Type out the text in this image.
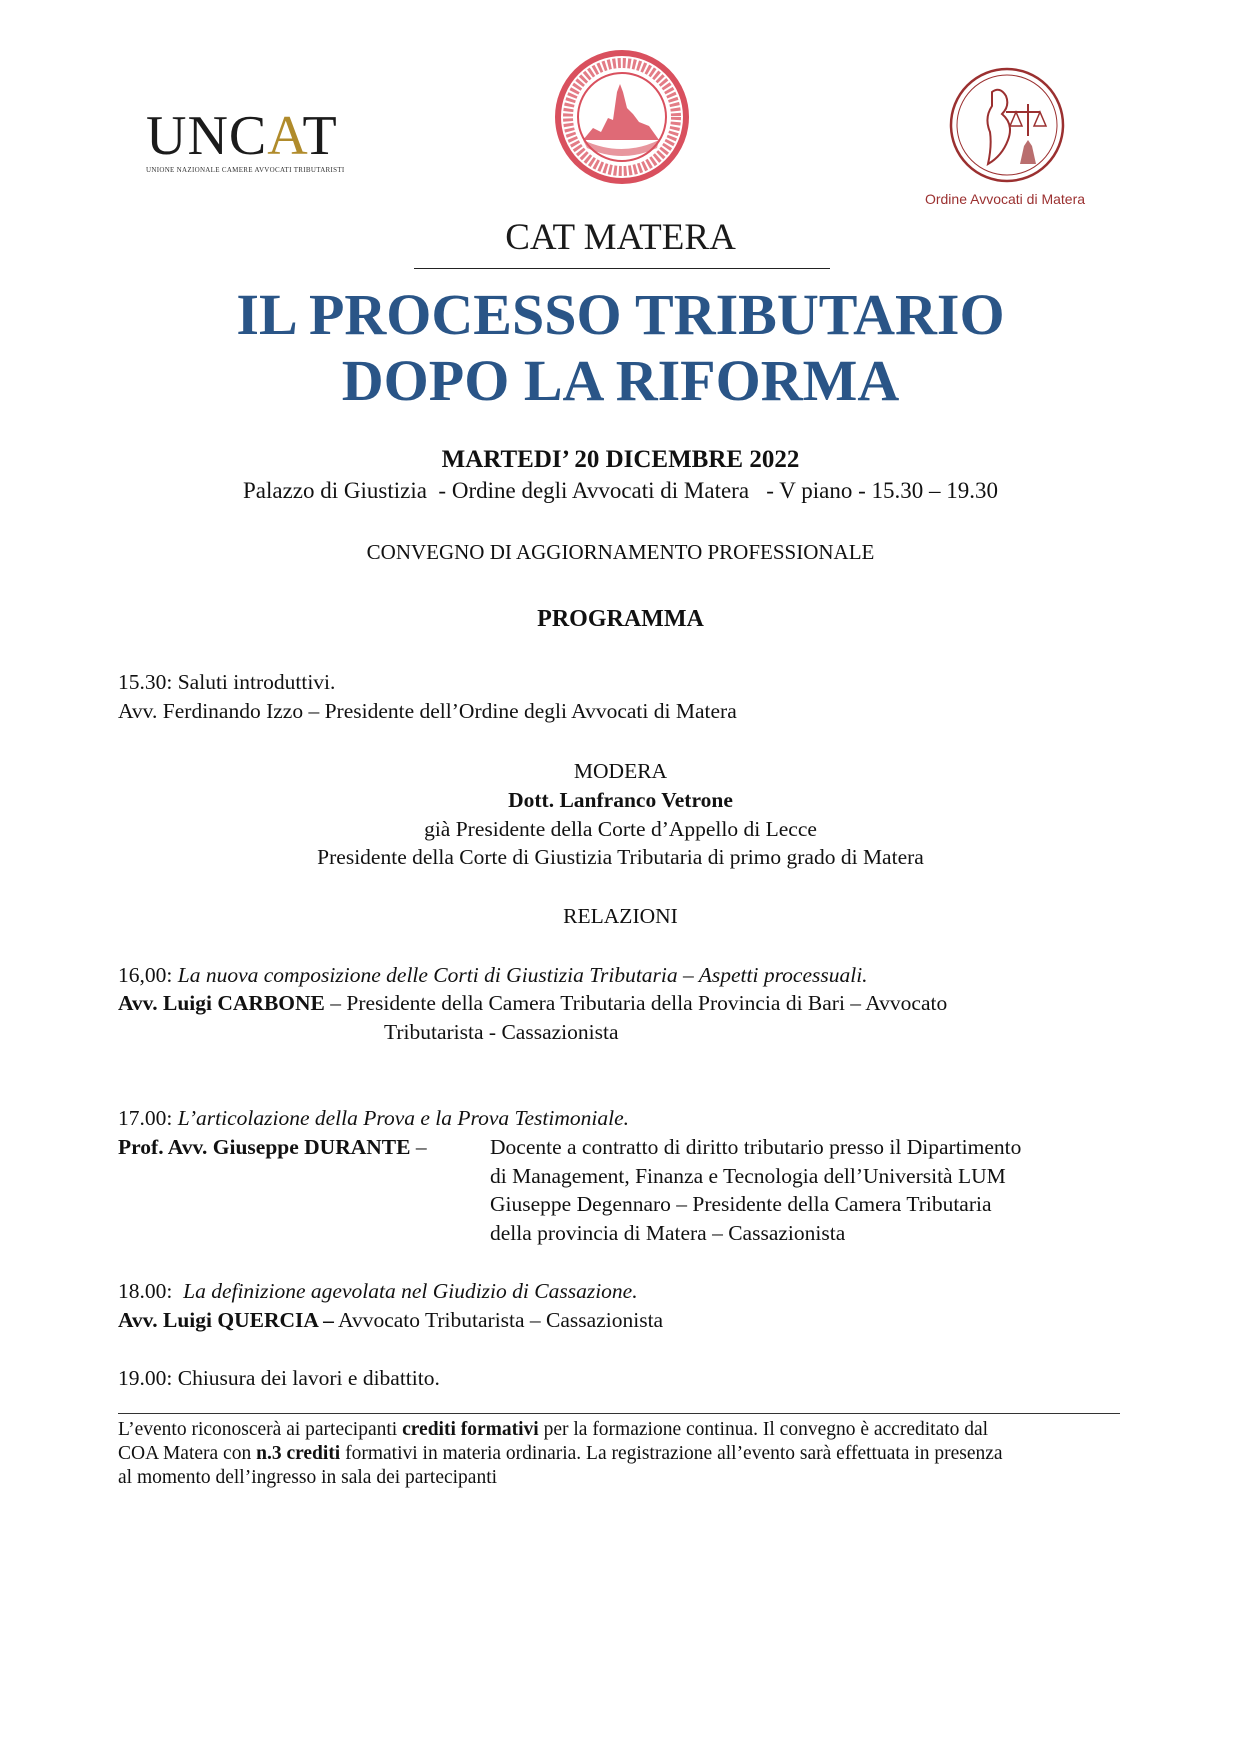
UNCAT
UNIONE NAZIONALE CAMERE AVVOCATI TRIBUTARISTI
Ordine Avvocati di Matera
CAT MATERA
IL PROCESSO TRIBUTARIO
DOPO LA RIFORMA
MARTEDI’ 20 DICEMBRE 2022
Palazzo di Giustizia  - Ordine degli Avvocati di Matera   - V piano - 15.30 – 19.30
CONVEGNO DI AGGIORNAMENTO PROFESSIONALE
PROGRAMMA
15.30: Saluti introduttivi.
Avv. Ferdinando Izzo – Presidente dell’Ordine degli Avvocati di Matera
MODERA
Dott. Lanfranco Vetrone
già Presidente della Corte d’Appello di Lecce
Presidente della Corte di Giustizia Tributaria di primo grado di Matera
RELAZIONI
16,00: La nuova composizione delle Corti di Giustizia Tributaria – Aspetti processuali.
Avv. Luigi CARBONE – Presidente della Camera Tributaria della Provincia di Bari – Avvocato
Tributarista - Cassazionista
17.00: L’articolazione della Prova e la Prova Testimoniale.
Prof. Avv. Giuseppe DURANTE –	Docente a contratto di diritto tributario presso il Dipartimento
di Management, Finanza e Tecnologia dell’Università LUM
Giuseppe Degennaro – Presidente della Camera Tributaria
della provincia di Matera – Cassazionista
18.00:  La definizione agevolata nel Giudizio di Cassazione.
Avv. Luigi QUERCIA – Avvocato Tributarista – Cassazionista
19.00: Chiusura dei lavori e dibattito.
L’evento riconoscerà ai partecipanti crediti formativi per la formazione continua. Il convegno è accreditato dal
COA Matera con n.3 crediti formativi in materia ordinaria. La registrazione all’evento sarà effettuata in presenza
al momento dell’ingresso in sala dei partecipanti
